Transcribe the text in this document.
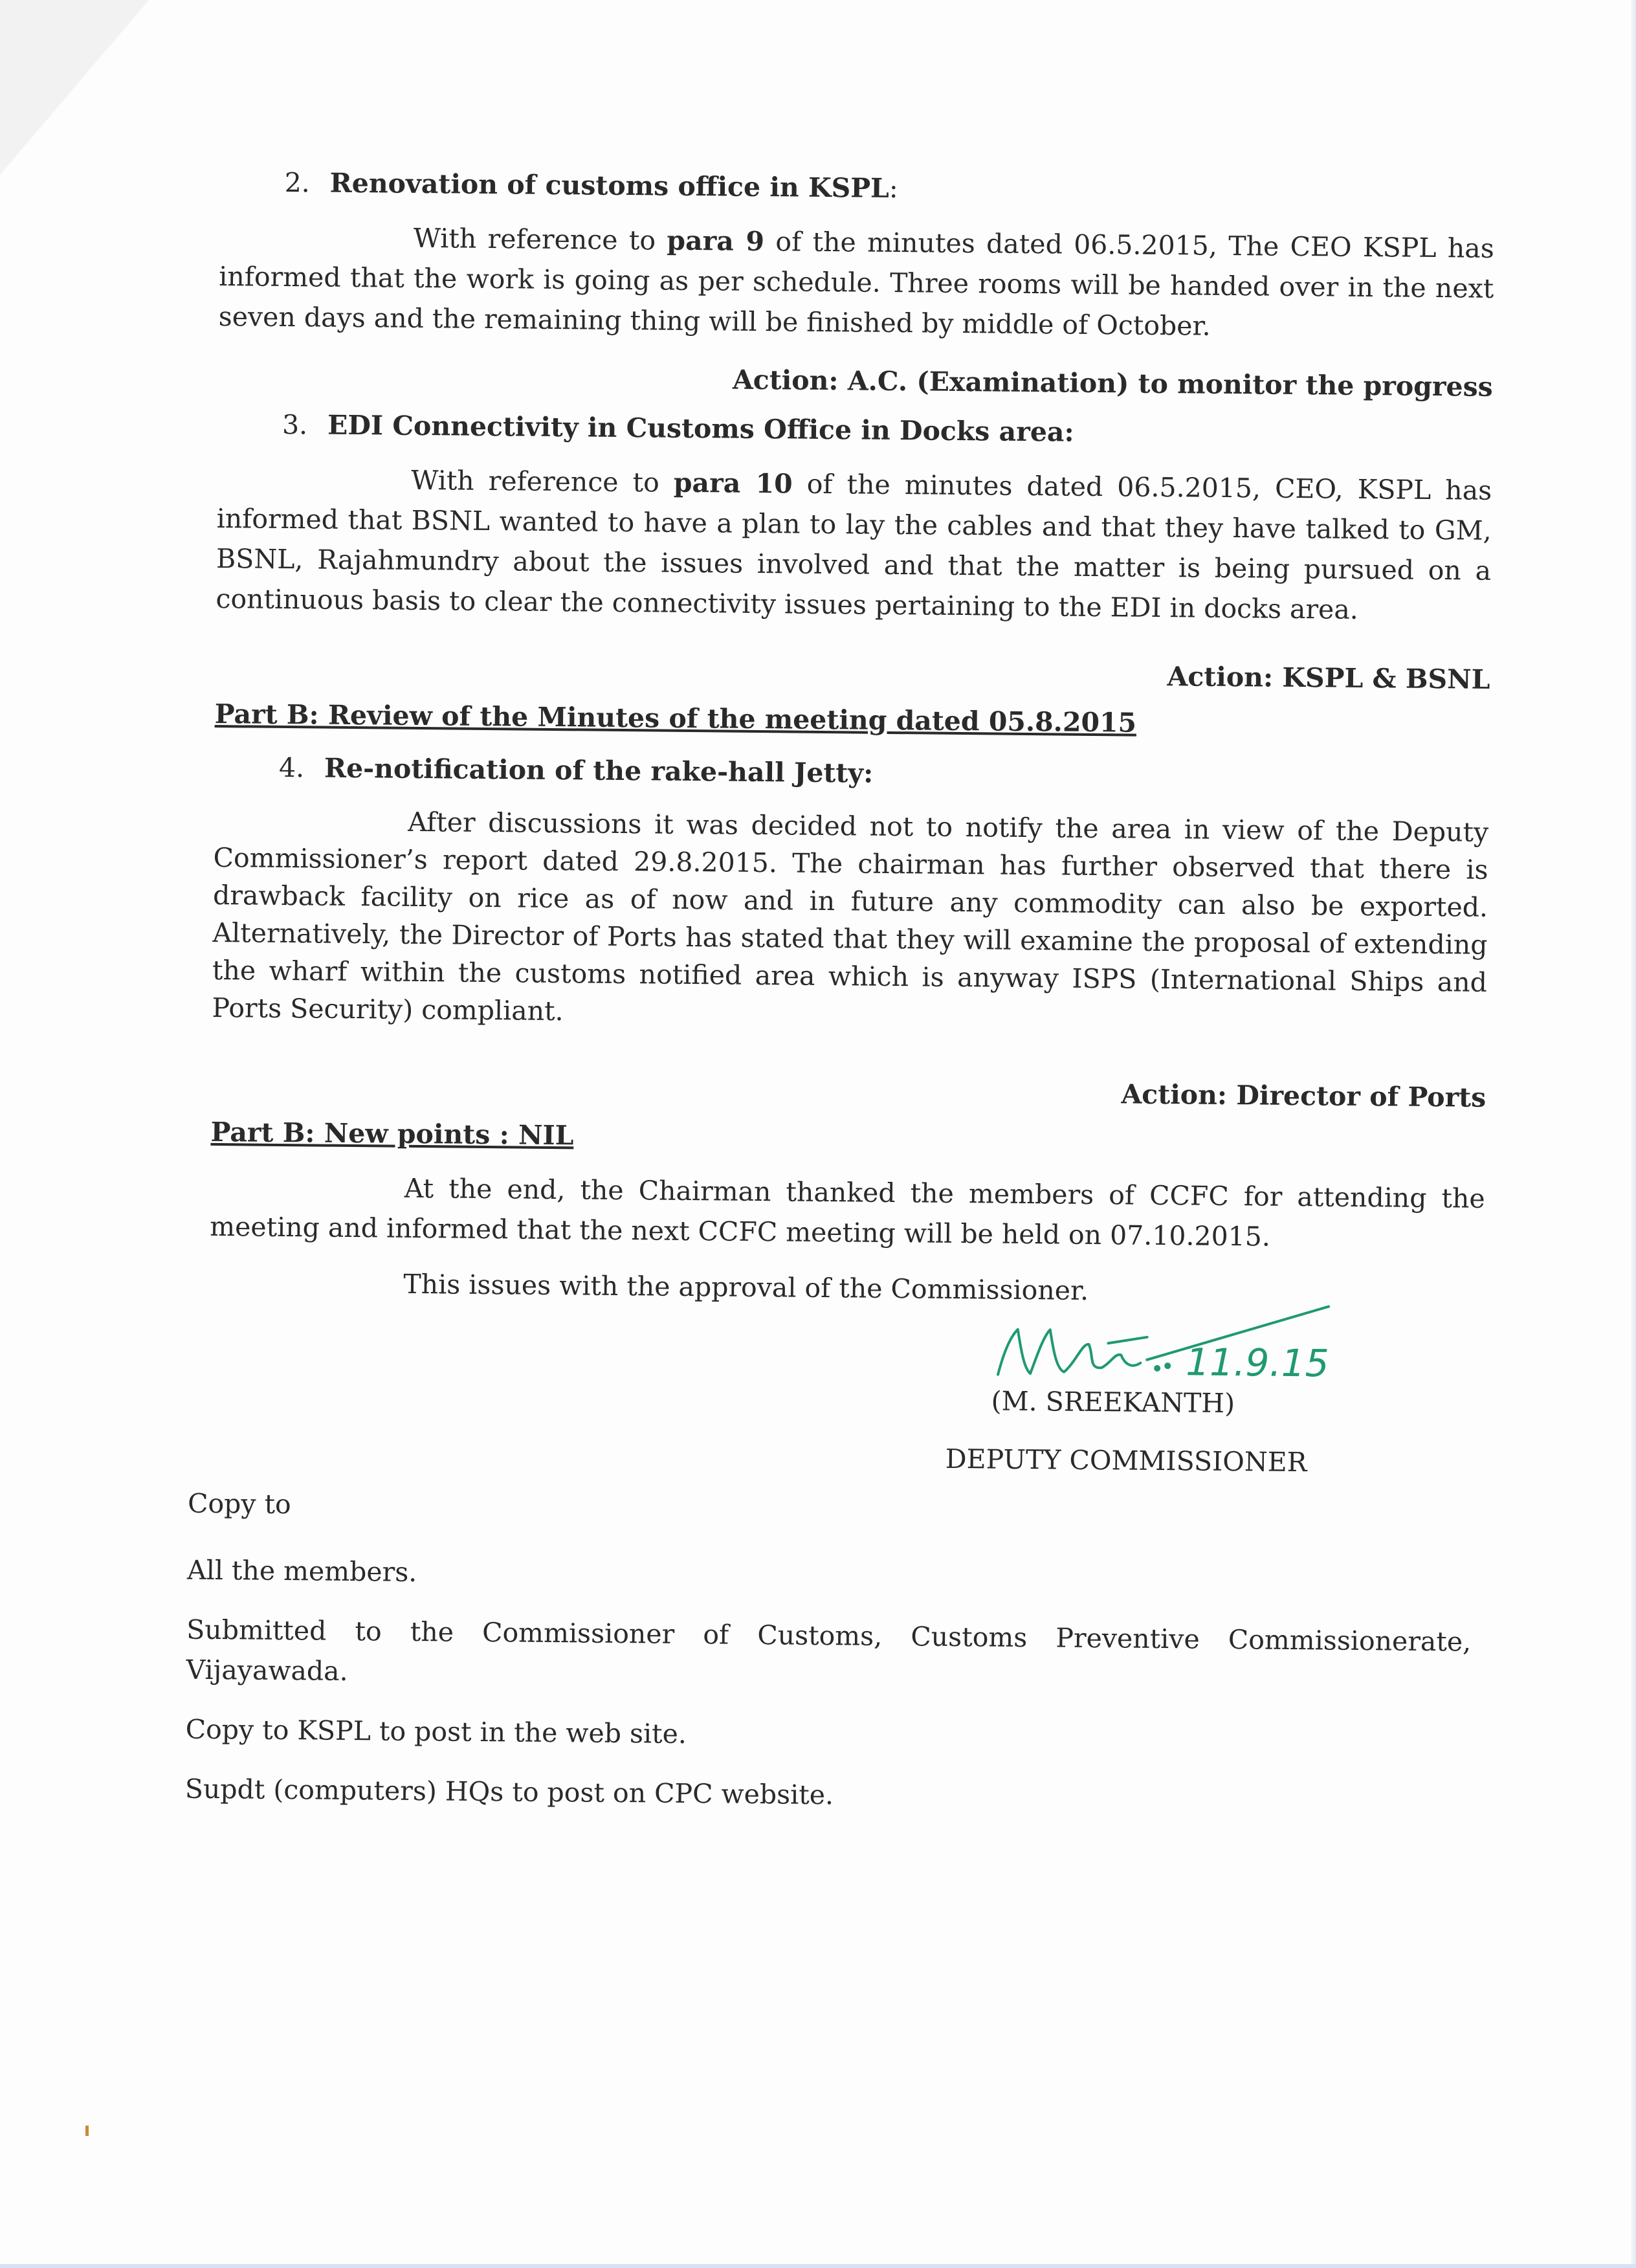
2. Renovation of customs office in KSPL:

With reference to para 9 of the minutes dated 06.5.2015, The CEO KSPL has informed that the work is going as per schedule. Three rooms will be handed over in the next seven days and the remaining thing will be finished by middle of October.

Action: A.C. (Examination) to monitor the progress

3. EDI Connectivity in Customs Office in Docks area:

With reference to para 10 of the minutes dated 06.5.2015, CEO, KSPL has informed that BSNL wanted to have a plan to lay the cables and that they have talked to GM, BSNL, Rajahmundry about the issues involved and that the matter is being pursued on a continuous basis to clear the connectivity issues pertaining to the EDI in docks area.

Action: KSPL & BSNL

Part B: Review of the Minutes of the meeting dated 05.8.2015

4. Re-notification of the rake-hall Jetty:

After discussions it was decided not to notify the area in view of the Deputy Commissioner’s report dated 29.8.2015. The chairman has further observed that there is drawback facility on rice as of now and in future any commodity can also be exported. Alternatively, the Director of Ports has stated that they will examine the proposal of extending the wharf within the customs notified area which is anyway ISPS (International Ships and Ports Security) compliant.

Action: Director of Ports

Part B: New points : NIL

At the end, the Chairman thanked the members of CCFC for attending the meeting and informed that the next CCFC meeting will be held on 07.10.2015.

This issues with the approval of the Commissioner.

11.9.15
(M. SREEKANTH)
DEPUTY COMMISSIONER

Copy to

All the members.

Submitted to the Commissioner of Customs, Customs Preventive Commissionerate, Vijayawada.

Copy to KSPL to post in the web site.

Supdt (computers) HQs to post on CPC website.
